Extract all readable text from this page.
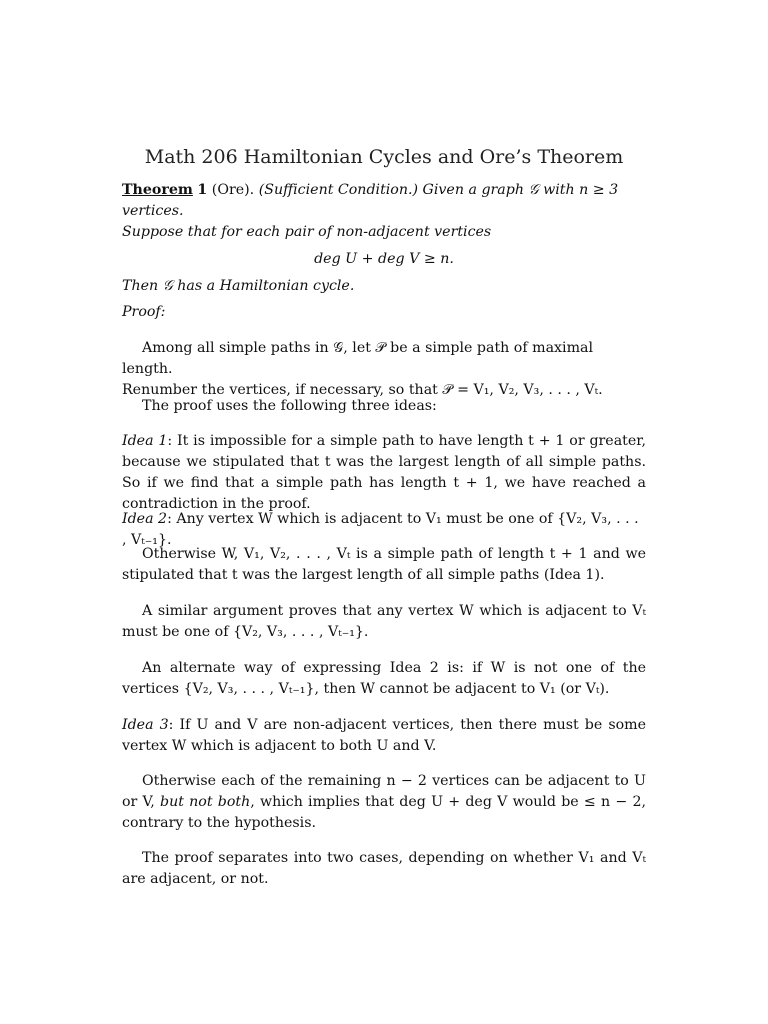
Math 206 Hamiltonian Cycles and Ore’s Theorem
Theorem 1 (Ore). (Sufficient Condition.) Given a graph 𝒢 with n ≥ 3 vertices.
Suppose that for each pair of non-adjacent vertices
deg U + deg V ≥ n.
Then 𝒢 has a Hamiltonian cycle.
Proof:
Among all simple paths in 𝒢, let 𝒫 be a simple path of maximal length.
Renumber the vertices, if necessary, so that 𝒫 = V₁, V₂, V₃, . . . , Vₜ.
The proof uses the following three ideas:
Idea 1: It is impossible for a simple path to have length t + 1 or greater, because we stipulated that t was the largest length of all simple paths. So if we find that a simple path has length t + 1, we have reached a contradiction in the proof.
Idea 2: Any vertex W which is adjacent to V₁ must be one of {V₂, V₃, . . . , Vₜ₋₁}.
Otherwise W, V₁, V₂, . . . , Vₜ is a simple path of length t + 1 and we stipulated that t was the largest length of all simple paths (Idea 1).
A similar argument proves that any vertex W which is adjacent to Vₜ must be one of {V₂, V₃, . . . , Vₜ₋₁}.
An alternate way of expressing Idea 2 is: if W is not one of the vertices {V₂, V₃, . . . , Vₜ₋₁}, then W cannot be adjacent to V₁ (or Vₜ).
Idea 3: If U and V are non-adjacent vertices, then there must be some vertex W which is adjacent to both U and V.
Otherwise each of the remaining n − 2 vertices can be adjacent to U or V, but not both, which implies that deg U + deg V would be ≤ n − 2, contrary to the hypothesis.
The proof separates into two cases, depending on whether V₁ and Vₜ are adjacent, or not.
